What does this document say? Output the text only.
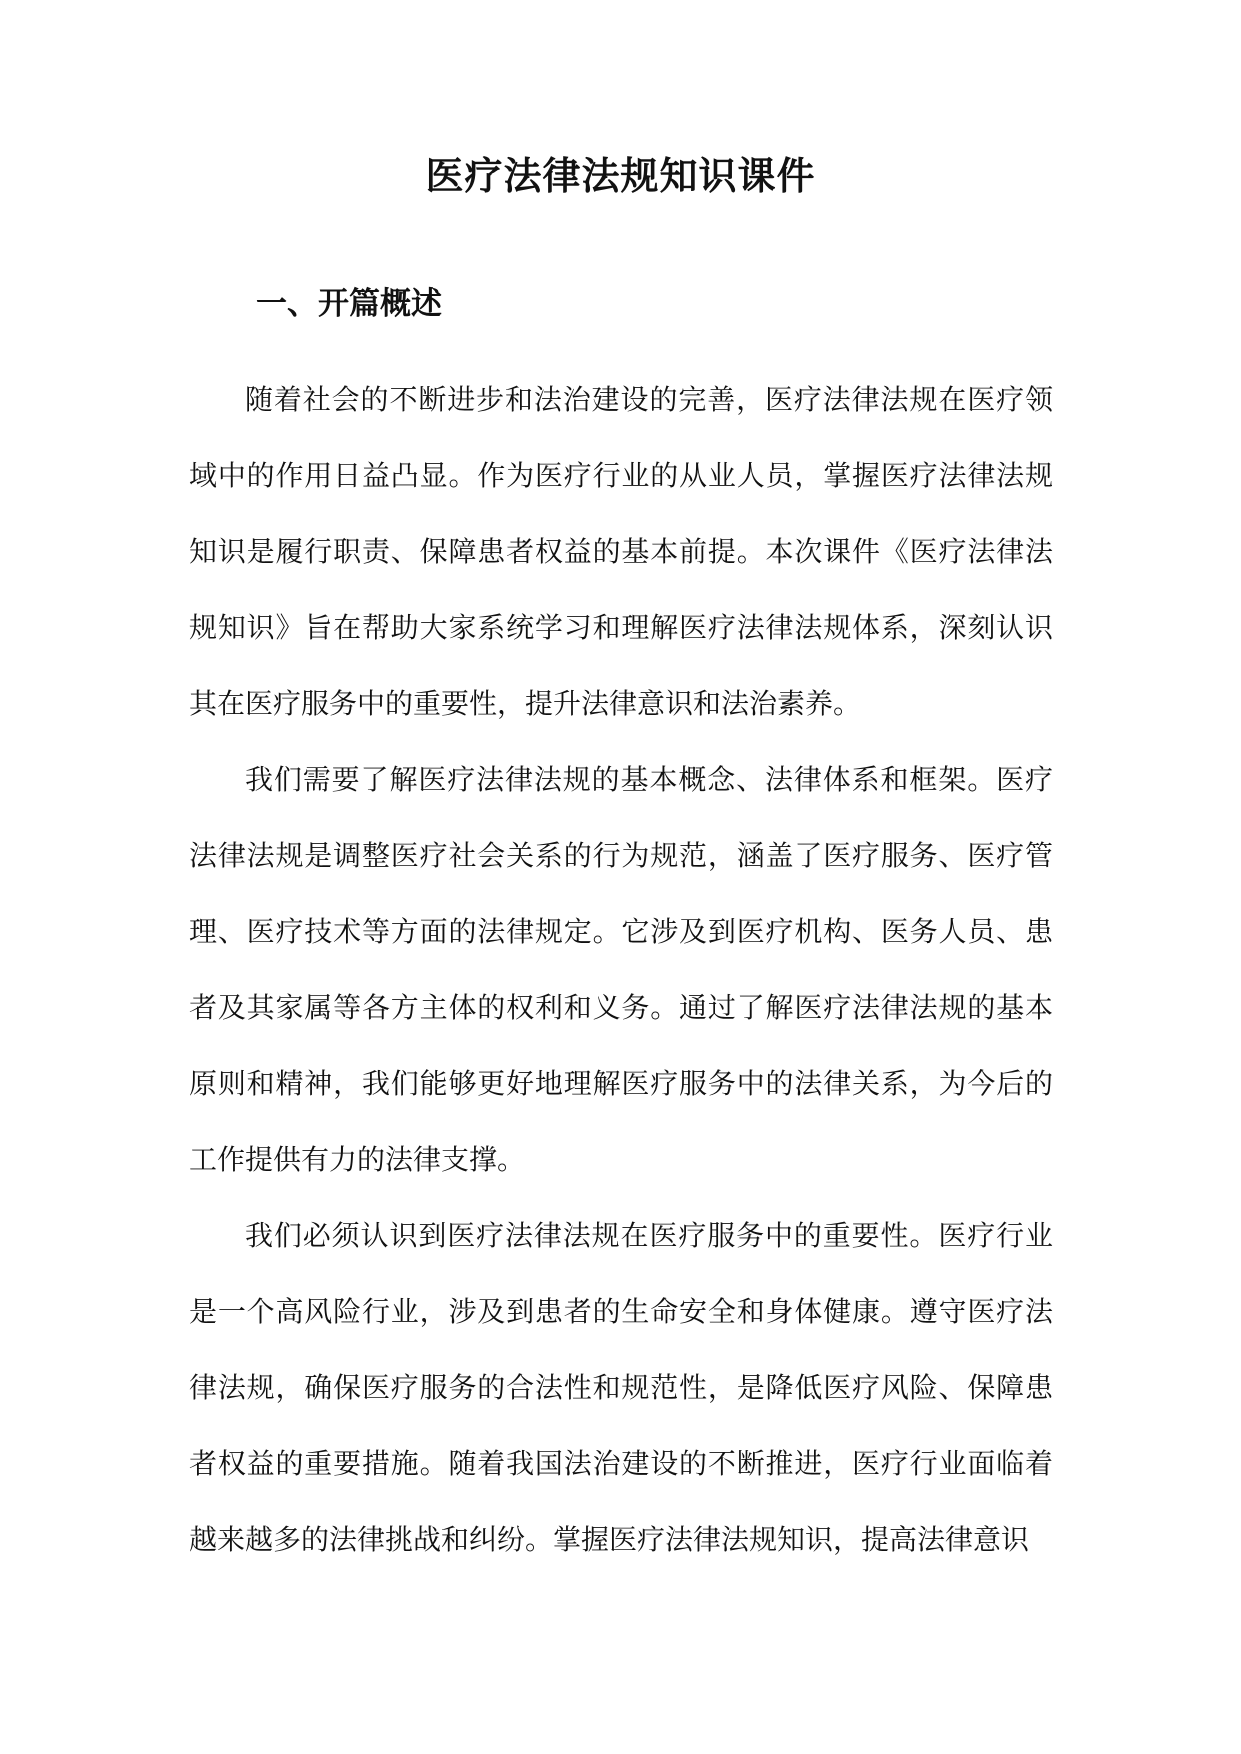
医疗法律法规知识课件
一、开篇概述

随着社会的不断进步和法治建设的完善，医疗法律法规在医疗领域中的作用日益凸显。作为医疗行业的从业人员，掌握医疗法律法规知识是履行职责、保障患者权益的基本前提。本次课件《医疗法律法规知识》旨在帮助大家系统学习和理解医疗法律法规体系，深刻认识其在医疗服务中的重要性，提升法律意识和法治素养。

我们需要了解医疗法律法规的基本概念、法律体系和框架。医疗法律法规是调整医疗社会关系的行为规范，涵盖了医疗服务、医疗管理、医疗技术等方面的法律规定。它涉及到医疗机构、医务人员、患者及其家属等各方主体的权利和义务。通过了解医疗法律法规的基本原则和精神，我们能够更好地理解医疗服务中的法律关系，为今后的工作提供有力的法律支撑。

我们必须认识到医疗法律法规在医疗服务中的重要性。医疗行业是一个高风险行业，涉及到患者的生命安全和身体健康。遵守医疗法律法规，确保医疗服务的合法性和规范性，是降低医疗风险、保障患者权益的重要措施。随着我国法治建设的不断推进，医疗行业面临着越来越多的法律挑战和纠纷。掌握医疗法律法规知识，提高法律意识
